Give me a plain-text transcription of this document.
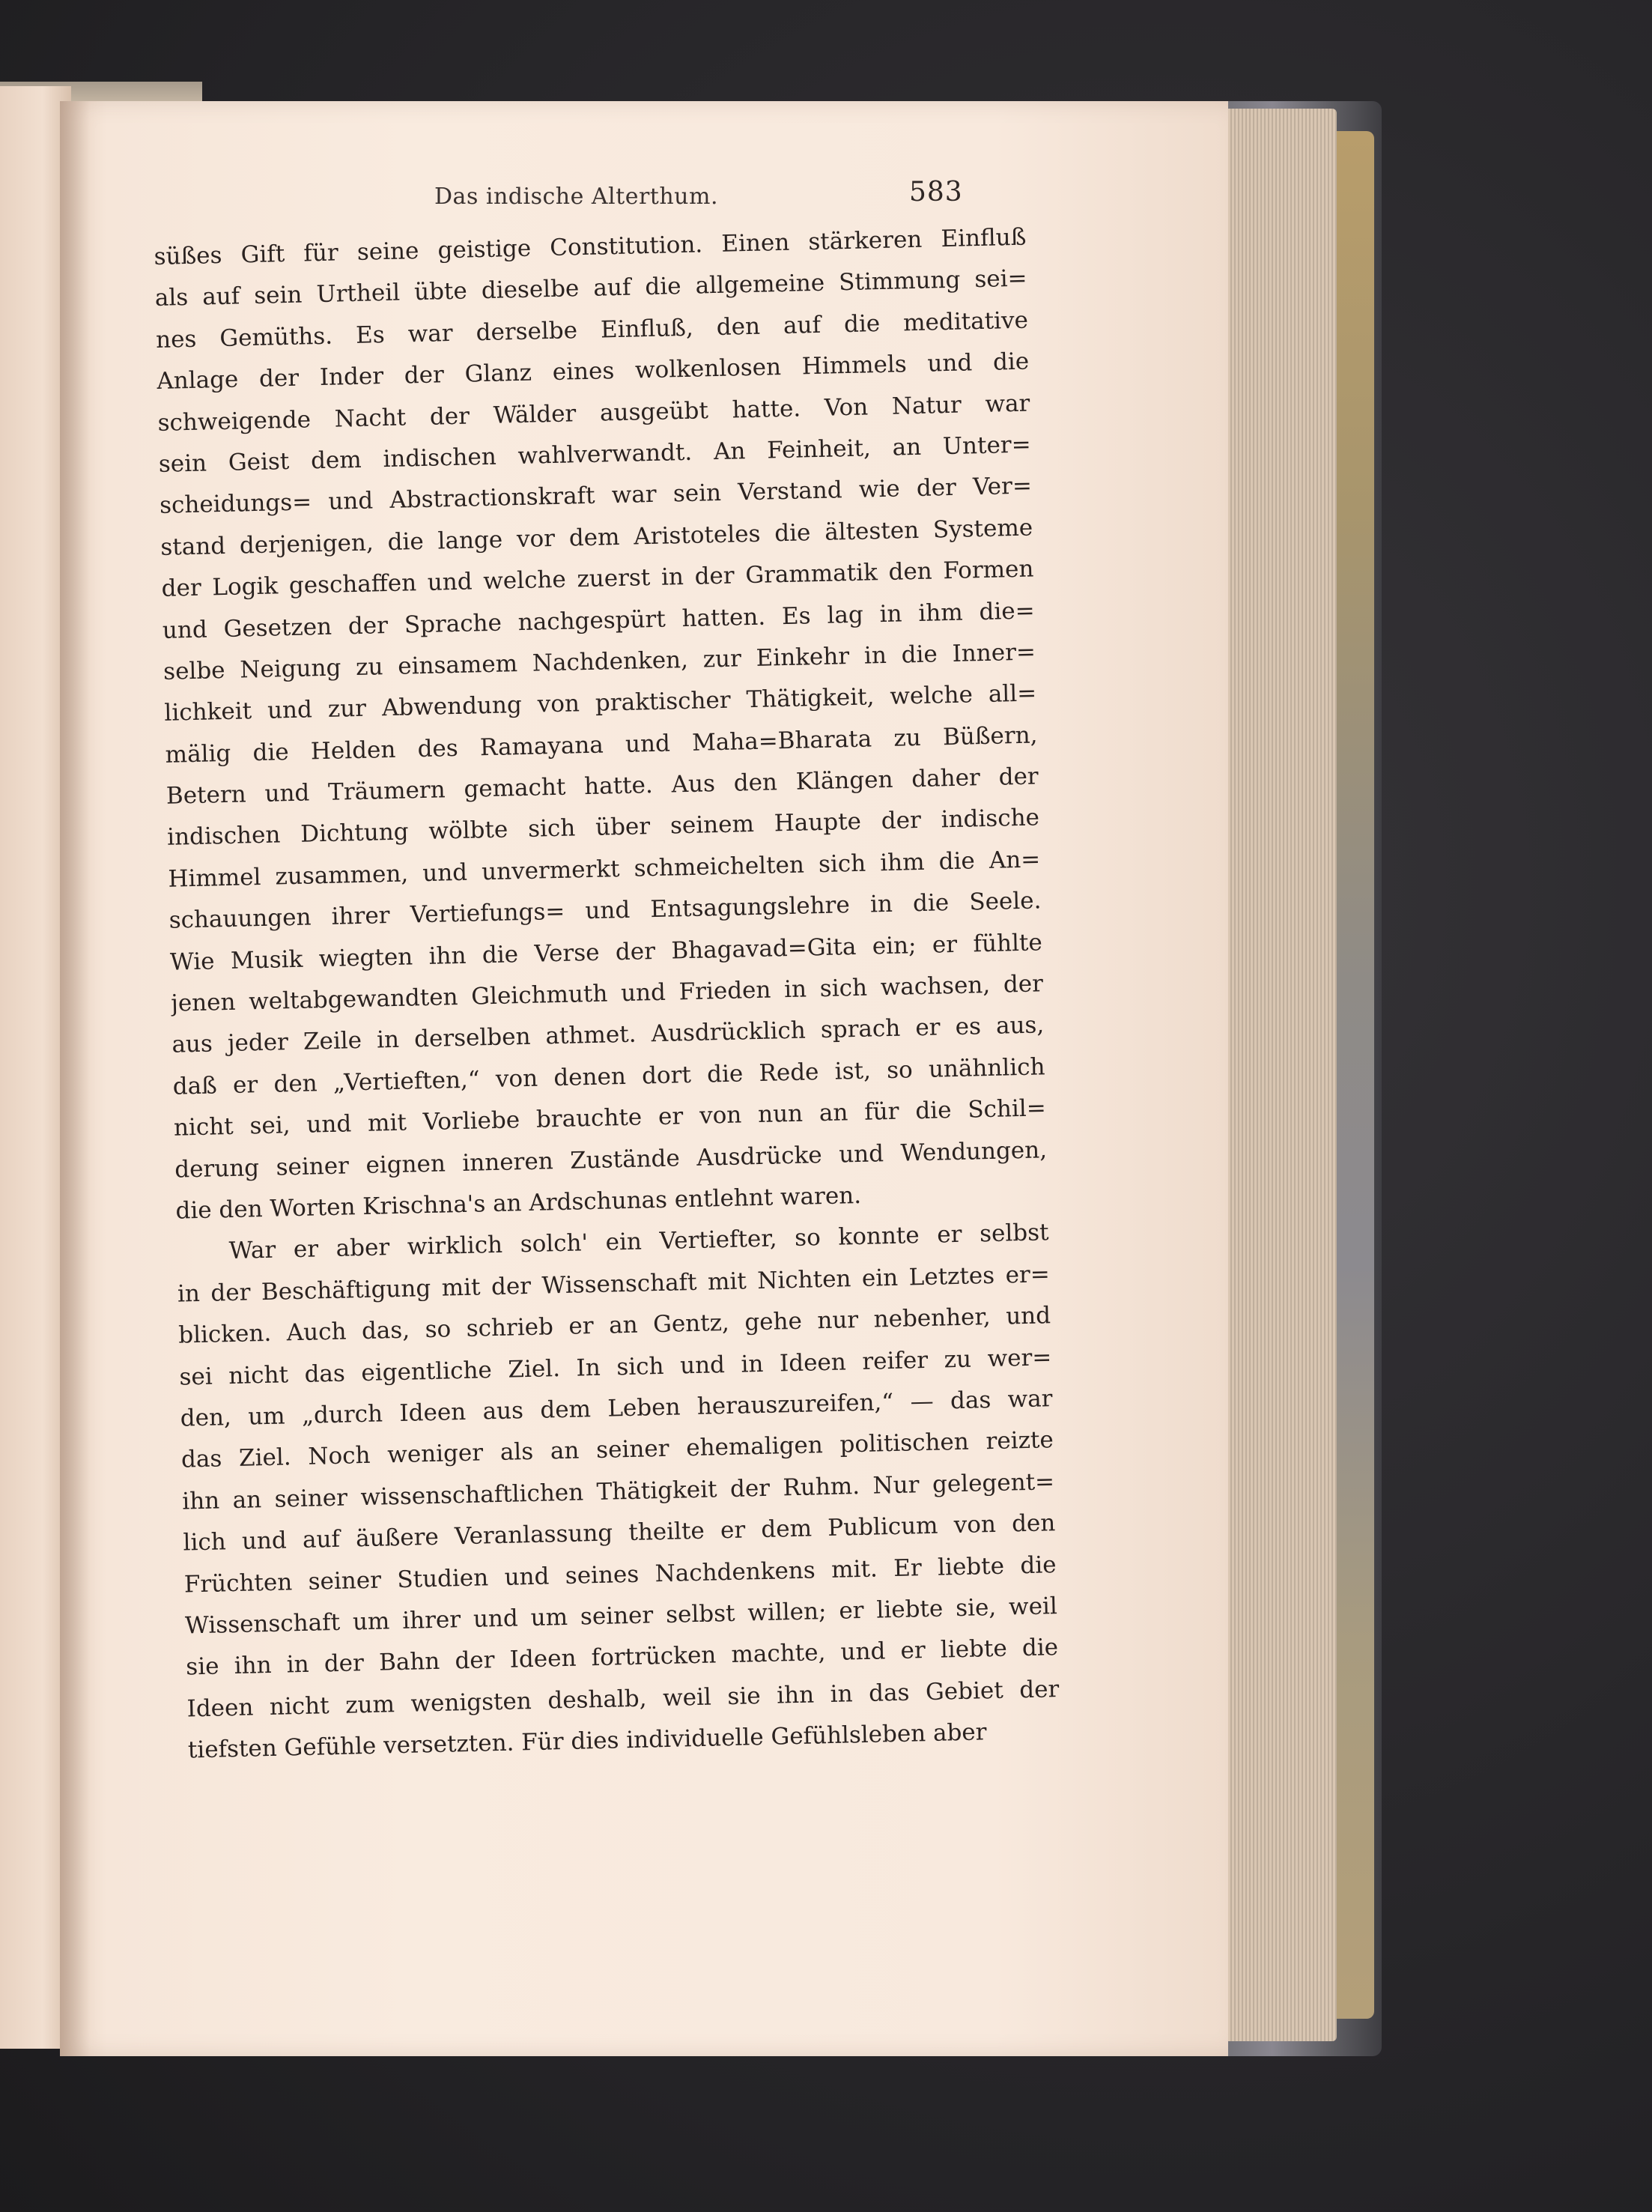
Das indische Alterthum.	583
süßes Gift für seine geistige Constitution. Einen stärkeren Einfluß
als auf sein Urtheil übte dieselbe auf die allgemeine Stimmung sei=
nes Gemüths. Es war derselbe Einfluß, den auf die meditative
Anlage der Inder der Glanz eines wolkenlosen Himmels und die
schweigende Nacht der Wälder ausgeübt hatte. Von Natur war
sein Geist dem indischen wahlverwandt. An Feinheit, an Unter=
scheidungs= und Abstractionskraft war sein Verstand wie der Ver=
stand derjenigen, die lange vor dem Aristoteles die ältesten Systeme
der Logik geschaffen und welche zuerst in der Grammatik den Formen
und Gesetzen der Sprache nachgespürt hatten. Es lag in ihm die=
selbe Neigung zu einsamem Nachdenken, zur Einkehr in die Inner=
lichkeit und zur Abwendung von praktischer Thätigkeit, welche all=
mälig die Helden des Ramayana und Maha=Bharata zu Büßern,
Betern und Träumern gemacht hatte. Aus den Klängen daher der
indischen Dichtung wölbte sich über seinem Haupte der indische
Himmel zusammen, und unvermerkt schmeichelten sich ihm die An=
schauungen ihrer Vertiefungs= und Entsagungslehre in die Seele.
Wie Musik wiegten ihn die Verse der Bhagavad=Gita ein; er fühlte
jenen weltabgewandten Gleichmuth und Frieden in sich wachsen, der
aus jeder Zeile in derselben athmet. Ausdrücklich sprach er es aus,
daß er den „Vertieften,“ von denen dort die Rede ist, so unähnlich
nicht sei, und mit Vorliebe brauchte er von nun an für die Schil=
derung seiner eignen inneren Zustände Ausdrücke und Wendungen,
die den Worten Krischna's an Ardschunas entlehnt waren.
War er aber wirklich solch' ein Vertiefter, so konnte er selbst
in der Beschäftigung mit der Wissenschaft mit Nichten ein Letztes er=
blicken. Auch das, so schrieb er an Gentz, gehe nur nebenher, und
sei nicht das eigentliche Ziel. In sich und in Ideen reifer zu wer=
den, um „durch Ideen aus dem Leben herauszureifen,“ — das war
das Ziel. Noch weniger als an seiner ehemaligen politischen reizte
ihn an seiner wissenschaftlichen Thätigkeit der Ruhm. Nur gelegent=
lich und auf äußere Veranlassung theilte er dem Publicum von den
Früchten seiner Studien und seines Nachdenkens mit. Er liebte die
Wissenschaft um ihrer und um seiner selbst willen; er liebte sie, weil
sie ihn in der Bahn der Ideen fortrücken machte, und er liebte die
Ideen nicht zum wenigsten deshalb, weil sie ihn in das Gebiet der
tiefsten Gefühle versetzten. Für dies individuelle Gefühlsleben aber
